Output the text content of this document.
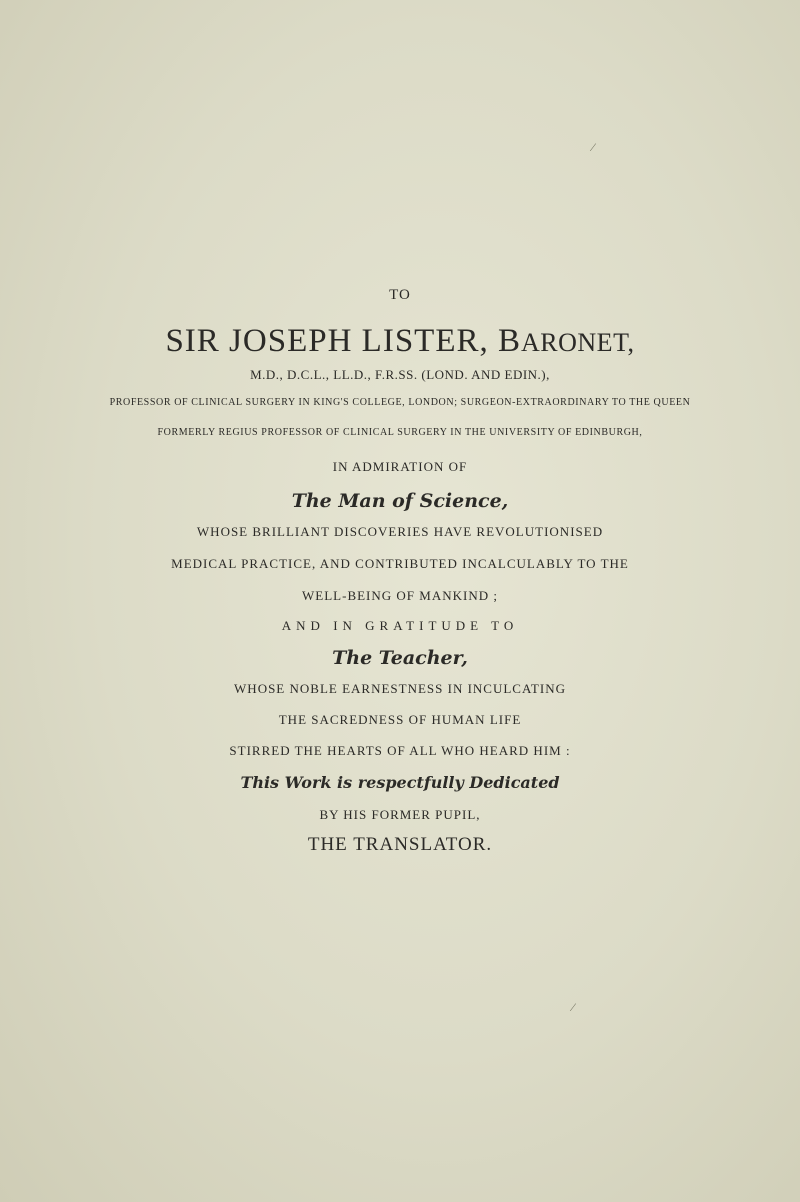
⁄
TO
SIR JOSEPH LISTER, BARONET,
M.D., D.C.L., LL.D., F.R.SS. (LOND. AND EDIN.),
PROFESSOR OF CLINICAL SURGERY IN KING'S COLLEGE, LONDON; SURGEON-EXTRAORDINARY TO THE QUEEN
FORMERLY REGIUS PROFESSOR OF CLINICAL SURGERY IN THE UNIVERSITY OF EDINBURGH,
IN ADMIRATION OF
The Man of Science,
WHOSE BRILLIANT DISCOVERIES HAVE REVOLUTIONISED
MEDICAL PRACTICE, AND CONTRIBUTED INCALCULABLY TO THE
WELL-BEING OF MANKIND ;
AND IN GRATITUDE TO
The Teacher,
WHOSE NOBLE EARNESTNESS IN INCULCATING
THE SACREDNESS OF HUMAN LIFE
STIRRED THE HEARTS OF ALL WHO HEARD HIM :
This Work is respectfully Dedicated
BY HIS FORMER PUPIL,
THE TRANSLATOR.
⁄
